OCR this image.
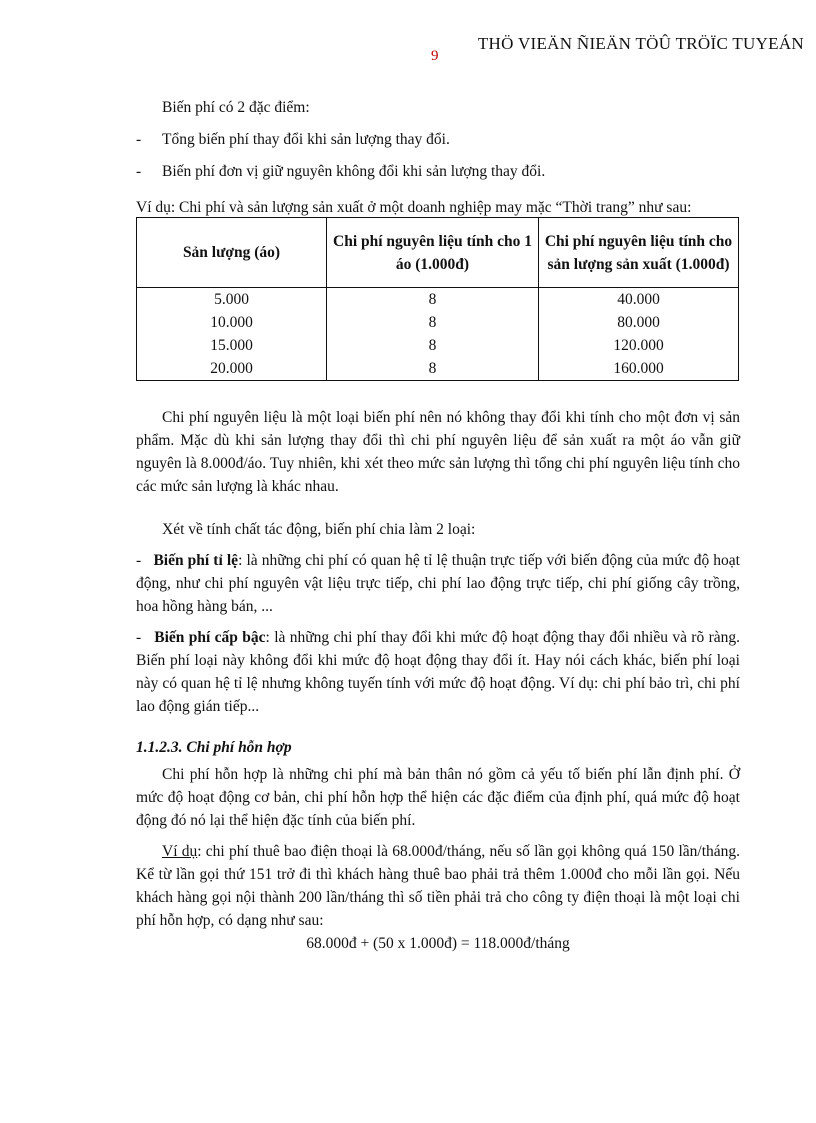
THÖ VIEÄN ÑIEÄN TÖÛ TRÖÏC TUYEÁN
9

Biến phí có 2 đặc điểm:

-	Tổng biến phí thay đổi khi sản lượng thay đổi.

-	Biến phí đơn vị giữ nguyên không đổi khi sản lượng thay đổi.

Ví dụ: Chi phí và sản lượng sản xuất ở một doanh nghiệp may mặc “Thời trang” như sau:

Sản lượng (áo)	Chi phí nguyên liệu tính cho 1 áo (1.000đ)	Chi phí nguyên liệu tính cho sản lượng sản xuất (1.000đ)
5.000	8	40.000
10.000	8	80.000
15.000	8	120.000
20.000	8	160.000

Chi phí nguyên liệu là một loại biến phí nên nó không thay đổi khi tính cho một đơn vị sản phẩm. Mặc dù khi sản lượng thay đổi thì chi phí nguyên liệu để sản xuất ra một áo vẫn giữ nguyên là 8.000đ/áo. Tuy nhiên, khi xét theo mức sản lượng thì tổng chi phí nguyên liệu tính cho các mức sản lượng là khác nhau.

Xét về tính chất tác động, biến phí chia làm 2 loại:

-   Biến phí tỉ lệ: là những chi phí có quan hệ tỉ lệ thuận trực tiếp với biến động của mức độ hoạt động, như chi phí nguyên vật liệu trực tiếp, chi phí lao động trực tiếp, chi phí giống cây trồng, hoa hồng hàng bán, ...

-   Biến phí cấp bậc: là những chi phí thay đổi khi mức độ hoạt động thay đổi nhiều và rõ ràng. Biến phí loại này không đổi khi mức độ hoạt động thay đổi ít. Hay nói cách khác, biến phí loại này có quan hệ tỉ lệ nhưng không tuyến tính với mức độ hoạt động. Ví dụ: chi phí bảo trì, chi phí lao động gián tiếp...

1.1.2.3. Chi phí hỗn hợp

Chi phí hỗn hợp là những chi phí mà bản thân nó gồm cả yếu tố biến phí lẫn định phí. Ở mức độ hoạt động cơ bản, chi phí hỗn hợp thể hiện các đặc điểm của định phí, quá mức độ hoạt động đó nó lại thể hiện đặc tính của biến phí.

Ví dụ: chi phí thuê bao điện thoại là 68.000đ/tháng, nếu số lần gọi không quá 150 lần/tháng. Kể từ lần gọi thứ 151 trở đi thì khách hàng thuê bao phải trả thêm 1.000đ cho mỗi lần gọi. Nếu khách hàng gọi nội thành 200 lần/tháng thì số tiền phải trả cho công ty điện thoại là một loại chi phí hỗn hợp, có dạng như sau:

68.000đ + (50 x 1.000đ) = 118.000đ/tháng
